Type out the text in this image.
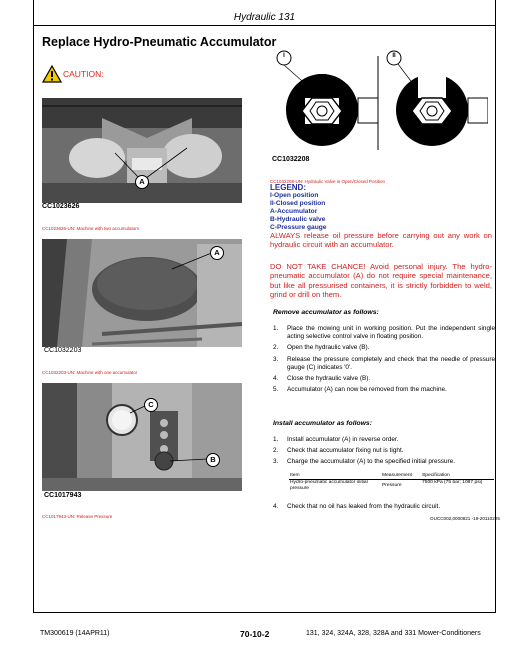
Hydraulic 131
Replace Hydro-Pneumatic Accumulator
CAUTION:
A
CC1023626
CC1023626-UN: Machine with two accumulators
A
CC1032203
CC1032203-UN: Machine with one accumulator
C
B
CC1017943
CC1017943-UN: Release Pressure
I	II
CC1032208
CC1032208-UN: Hydraulic Valve in Open/Closed Position
LEGEND:
I-Open position
II-Closed position
A-Accumulator
B-Hydraulic valve
C-Pressure gauge
ALWAYS release oil pressure before carrying out any work on hydraulic circuit with an accumulator.
DO NOT TAKE CHANCE! Avoid personal injury. The hydro-pneumatic accumulator (A) do not require special maintenance, but like all pressurised containers, it is strictly forbidden to weld, grind or drill on them.
Remove accumulator as follows:
1. Place the mowing unit in working position. Put the independent single acting selective control valve in floating position.
2. Open the hydraulic valve (B).
3. Release the pressure completely and check that the needle of pressure gauge (C) indicates '0'.
4. Close the hydraulic valve (B).
5. Accumulator (A) can now be removed from the machine.
Install accumulator as follows:
1. Install accumulator (A) in reverse order.
2. Check that accumulator fixing nut is tight.
3. Charge the accumulator (A) to the specified initial pressure.
Item	Measurement	Specification
Hydro-pneumatic accumulator initial pressure	Pressure	7500 kPa (75 bar; 1087 psi)
4. Check that no oil has leaked from the hydraulic circuit.
OUCC002,0000821 -19-20110225
TM300619 (14APR11)	70-10-2	131, 324, 324A, 328, 328A and 331 Mower-Conditioners
